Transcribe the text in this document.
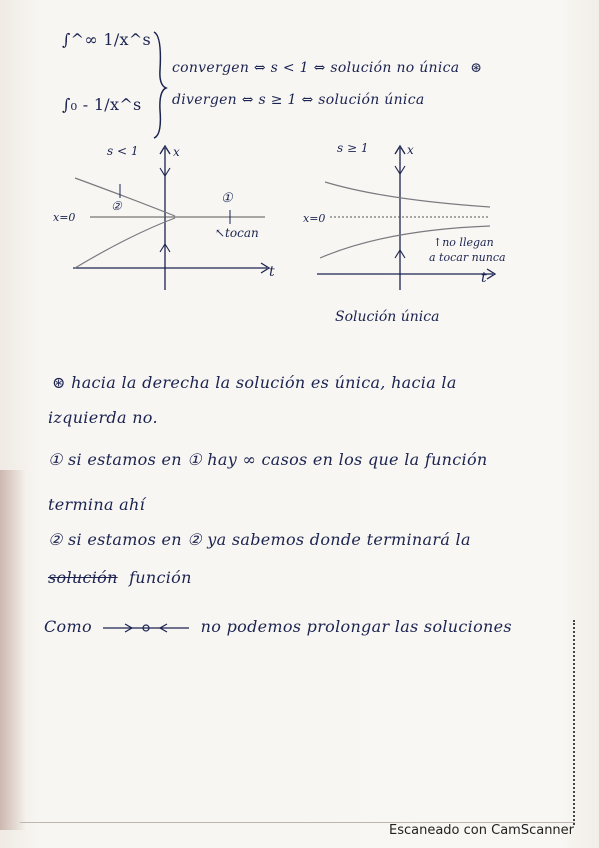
∫^∞ 1/x^s
∫₀ - 1/x^s
convergen ⇔ s < 1 ⇔ solución no única ⊛
divergen ⇔ s ≥ 1 ⇔ solución única
s < 1	x
t
x=0
②	①
↖tocan
s ≥ 1	x
t
x=0
↑no llegan
a tocar nunca
Solución única
⊛ hacia la derecha la solución es única, hacia la
izquierda no.
① si estamos en ① hay ∞ casos en los que la función
termina ahí
② si estamos en ② ya sabemos donde terminará la
solución función
Como	no podemos prolongar las soluciones
Escaneado con CamScanner
